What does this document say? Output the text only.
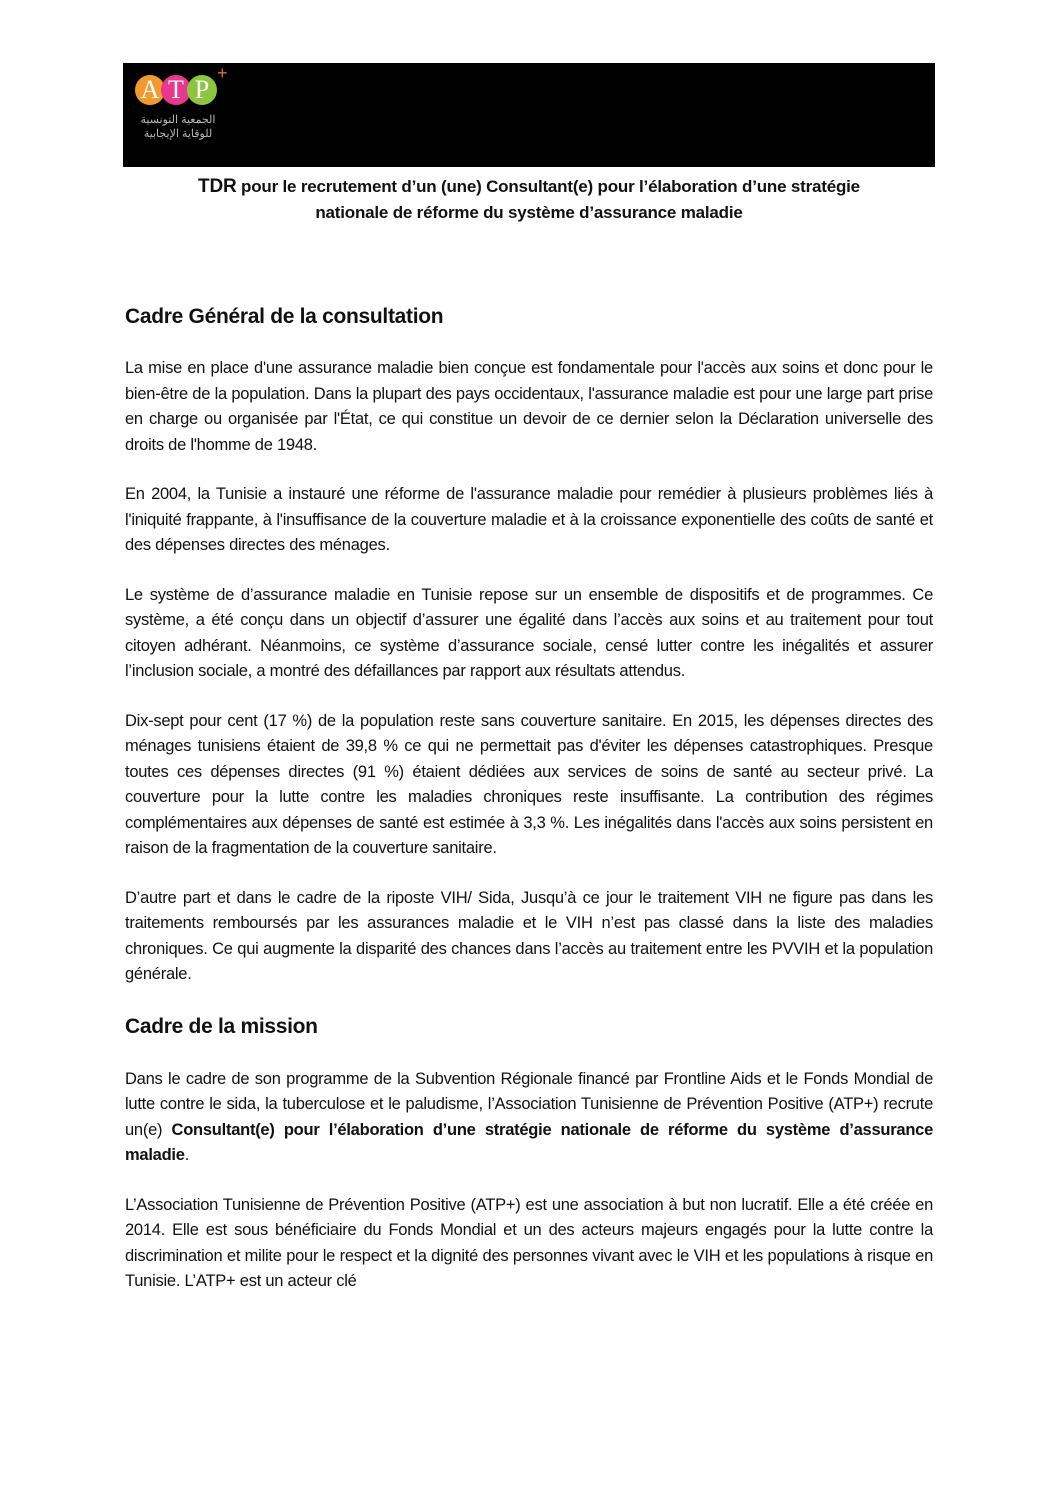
A T P
+
الجمعية التونسية
للوقاية الإيجابية
TDR pour le recrutement d’un (une) Consultant(e) pour l’élaboration d’une stratégie
nationale de réforme du système d’assurance maladie
Cadre Général de la consultation

La mise en place d'une assurance maladie bien conçue est fondamentale pour l'accès aux soins et donc pour le bien-être de la population. Dans la plupart des pays occidentaux, l'assurance maladie est pour une large part prise en charge ou organisée par l'État, ce qui constitue un devoir de ce dernier selon la Déclaration universelle des droits de l'homme de 1948.

En 2004, la Tunisie a instauré une réforme de l'assurance maladie pour remédier à plusieurs problèmes liés à l'iniquité frappante, à l'insuffisance de la couverture maladie et à la croissance exponentielle des coûts de santé et des dépenses directes des ménages.

Le système de d’assurance maladie en Tunisie repose sur un ensemble de dispositifs et de programmes. Ce système, a été conçu dans un objectif d’assurer une égalité dans l’accès aux soins et au traitement pour tout citoyen adhérant. Néanmoins, ce système d’assurance sociale, censé lutter contre les inégalités et assurer l’inclusion sociale, a montré des défaillances par rapport aux résultats attendus.

Dix-sept pour cent (17 %) de la population reste sans couverture sanitaire. En 2015, les dépenses directes des ménages tunisiens étaient de 39,8 % ce qui ne permettait pas d'éviter les dépenses catastrophiques. Presque toutes ces dépenses directes (91 %) étaient dédiées aux services de soins de santé au secteur privé. La couverture pour la lutte contre les maladies chroniques reste insuffisante. La contribution des régimes complémentaires aux dépenses de santé est estimée à 3,3 %. Les inégalités dans l'accès aux soins persistent en raison de la fragmentation de la couverture sanitaire.

D’autre part et dans le cadre de la riposte VIH/ Sida, Jusqu’à ce jour le traitement VIH ne figure pas dans les traitements remboursés par les assurances maladie et le VIH n’est pas classé dans la liste des maladies chroniques. Ce qui augmente la disparité des chances dans l’accès au traitement entre les PVVIH et la population générale.

Cadre de la mission

Dans le cadre de son programme de la Subvention Régionale financé par Frontline Aids et le Fonds Mondial de lutte contre le sida, la tuberculose et le paludisme, l’Association Tunisienne de Prévention Positive (ATP+) recrute un(e) Consultant(e) pour l’élaboration d’une stratégie nationale de réforme du système d’assurance maladie.

L’Association Tunisienne de Prévention Positive (ATP+) est une association à but non lucratif. Elle a été créée en 2014. Elle est sous bénéficiaire du Fonds Mondial et un des acteurs majeurs engagés pour la lutte contre la discrimination et milite pour le respect et la dignité des personnes vivant avec le VIH et les populations à risque en Tunisie. L’ATP+ est un acteur clé
